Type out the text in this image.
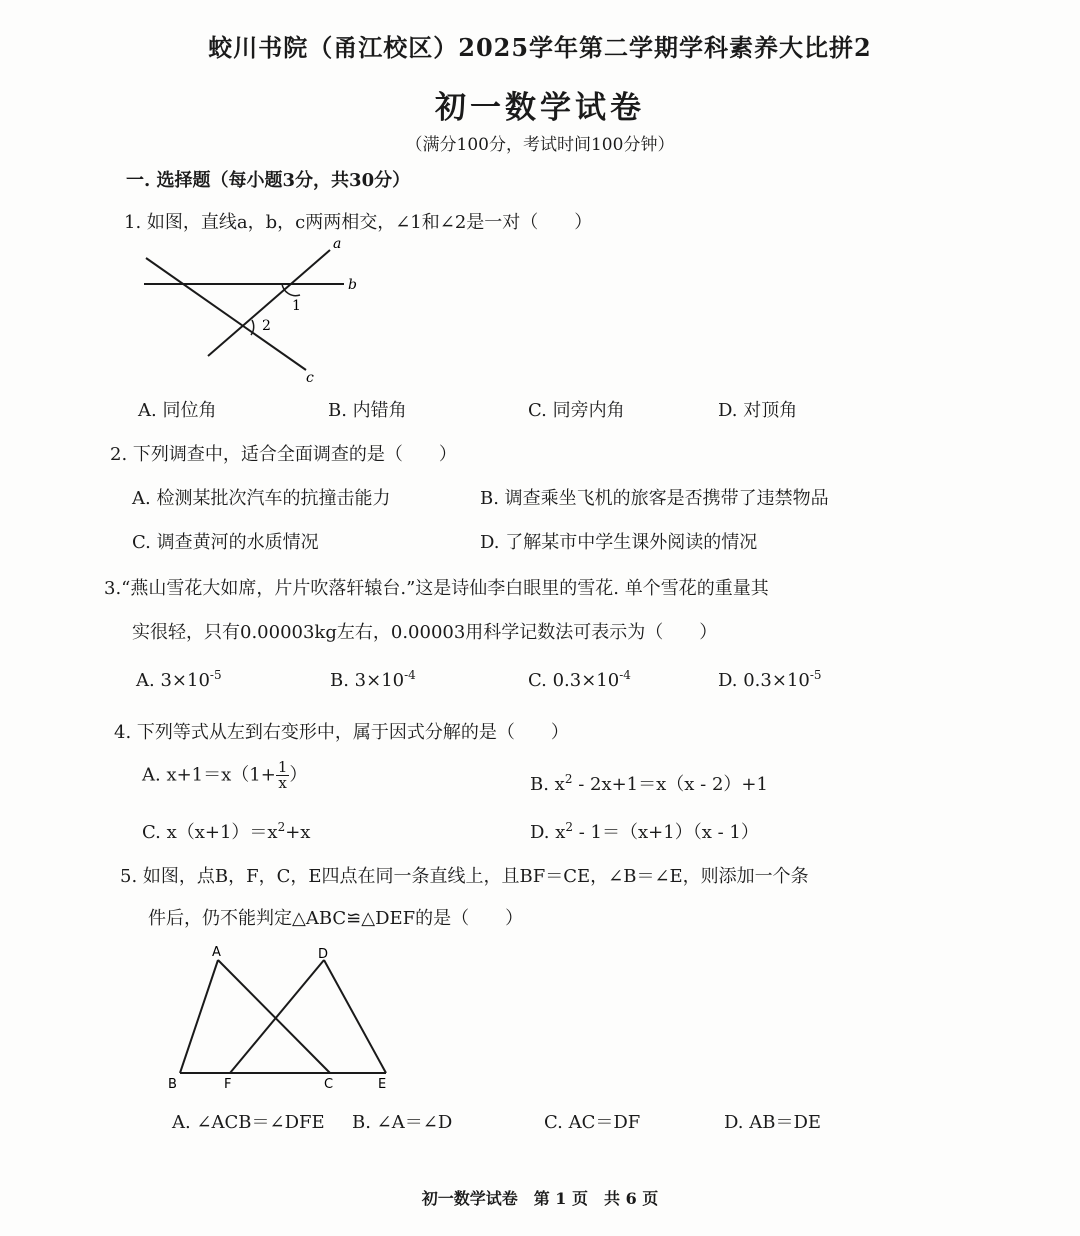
蛟川书院（甬江校区）2025学年第二学期学科素养大比拼2
初一数学试卷
（满分100分，考试时间100分钟）
一. 选择题（每小题3分，共30分）
1. 如图，直线a，b，c两两相交，∠1和∠2是一对（　　）
a
b
c
1
2
A. 同位角	B. 内错角	C. 同旁内角	D. 对顶角
2. 下列调查中，适合全面调查的是（　　）
A. 检测某批次汽车的抗撞击能力	B. 调查乘坐飞机的旅客是否携带了违禁物品
C. 调查黄河的水质情况	D. 了解某市中学生课外阅读的情况
3.“燕山雪花大如席，片片吹落轩辕台.”这是诗仙李白眼里的雪花. 单个雪花的重量其
实很轻，只有0.00003kg左右，0.00003用科学记数法可表示为（　　）
A. $3\times 10^{-5}$	B. $3\times 10^{-4}$	C. $0.3\times 10^{-4}$	D. $0.3\times 10^{-5}$
4. 下列等式从左到右变形中，属于因式分解的是（　　）
A. $x+1=x(1+ \frac{1}{x}$ ）	B. $x^2 - 2x+1=x(x - 2)+1$
C. $x(x+1)=x^2+x$	D. $x^2 - 1=(x+1)(x - 1)$
5. 如图，点B，F，C，E四点在同一条直线上，且BF＝CE，∠B＝∠E，则添加一个条
件后，仍不能判定△ABC≌△DEF的是（　　）
A	D
B	F	C	E
A. ∠ACB＝∠DFE B. ∠A＝∠D	C. AC＝DF	D. AB＝DE
初一数学试卷　第 1 页　共 6 页
